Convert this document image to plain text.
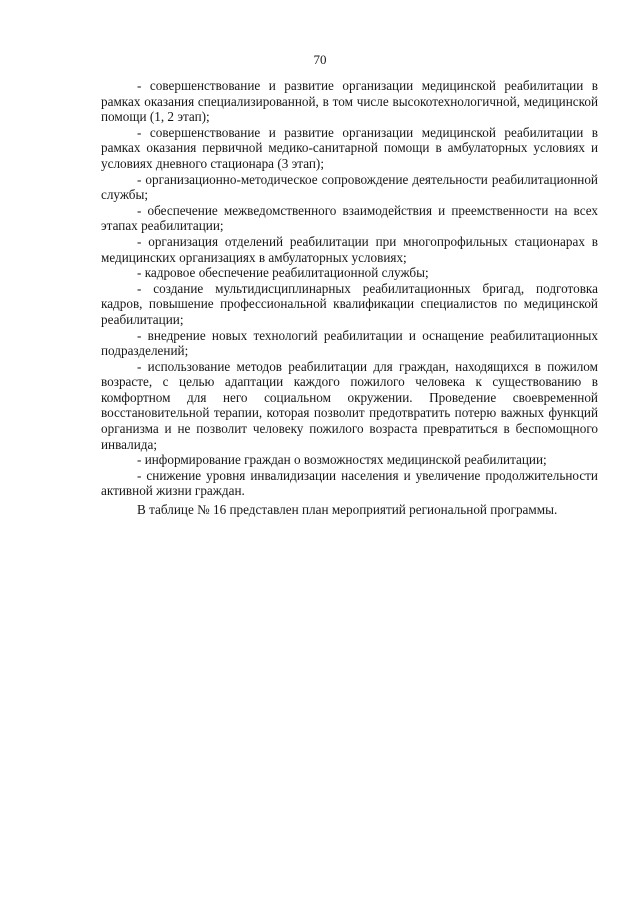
70

- совершенствование и развитие организации медицинской реабилитации в рамках оказания специализированной, в том числе высокотехнологичной, медицинской помощи (1, 2 этап);

- совершенствование и развитие организации медицинской реабилитации в рамках оказания первичной медико-санитарной помощи в амбулаторных условиях и условиях дневного стационара (3 этап);

- организационно-методическое сопровождение деятельности реабилитационной службы;

- обеспечение межведомственного взаимодействия и преемственности на всех этапах реабилитации;

- организация отделений реабилитации при многопрофильных стационарах в медицинских организациях в амбулаторных условиях;

- кадровое обеспечение реабилитационной службы;

- создание мультидисциплинарных реабилитационных бригад, подготовка кадров, повышение профессиональной квалификации специалистов по медицинской реабилитации;

- внедрение новых технологий реабилитации и оснащение реабилитационных подразделений;

- использование методов реабилитации для граждан, находящихся в пожилом возрасте, с целью адаптации каждого пожилого человека к существованию в комфортном для него социальном окружении. Проведение своевременной восстановительной терапии, которая позволит предотвратить потерю важных функций организма и не позволит человеку пожилого возраста превратиться в беспомощного инвалида;

- информирование граждан о возможностях медицинской реабилитации;

- снижение уровня инвалидизации населения и увеличение продолжительности активной жизни граждан.

В таблице № 16 представлен план мероприятий региональной программы.
